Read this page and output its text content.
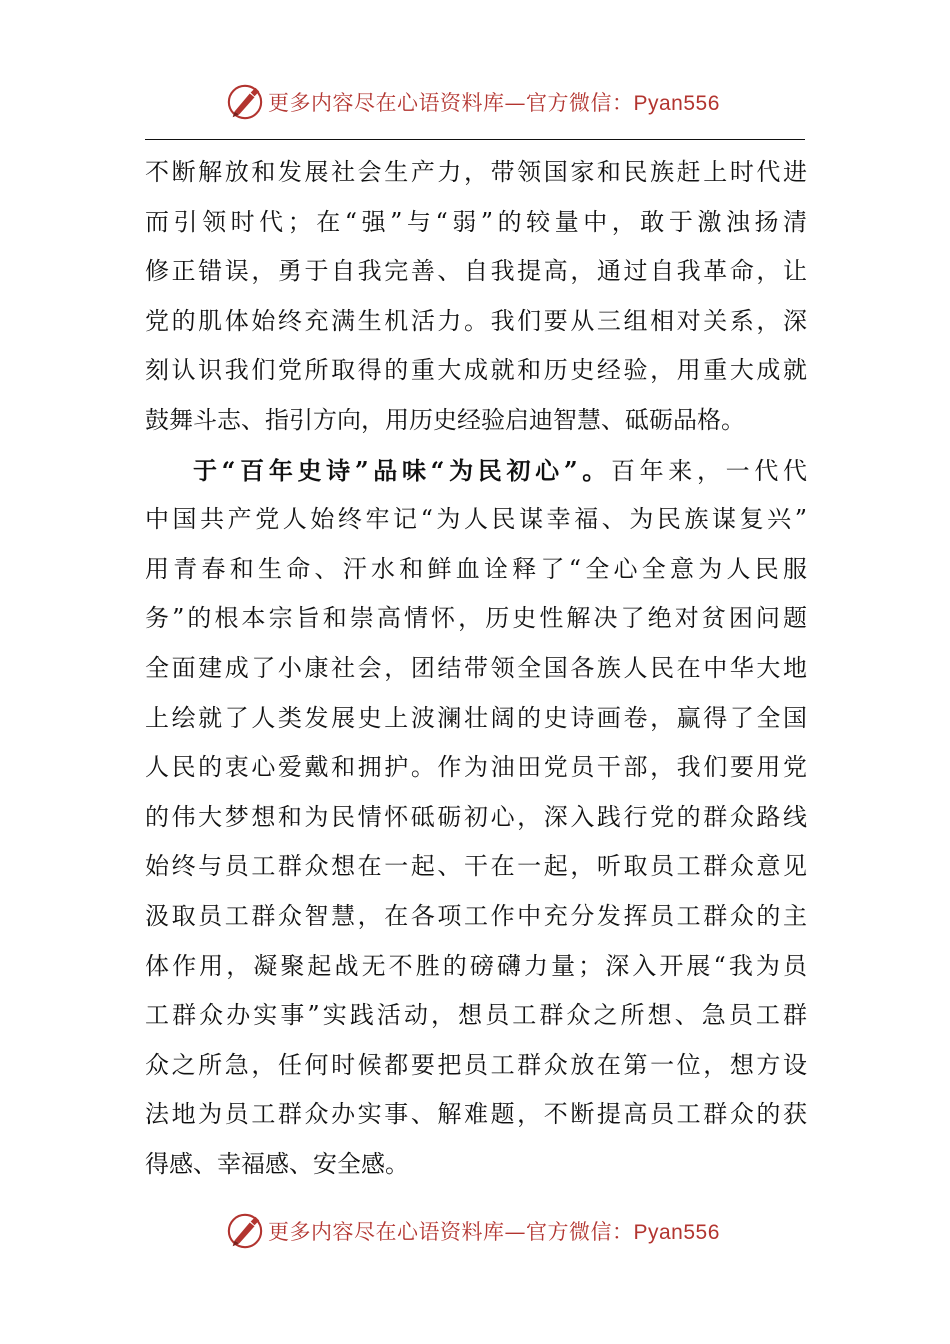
更多内容尽在心语资料库—官方微信：Pyan556
不断解放和发展社会生产力，带领国家和民族赶上时代进
而引领时代；在“强”与“弱”的较量中，敢于激浊扬清
修正错误，勇于自我完善、自我提高，通过自我革命，让
党的肌体始终充满生机活力。我们要从三组相对关系，深
刻认识我们党所取得的重大成就和历史经验，用重大成就
鼓舞斗志、指引方向，用历史经验启迪智慧、砥砺品格。
于“百年史诗”品味“为民初心”。百年来，一代代
中国共产党人始终牢记“为人民谋幸福、为民族谋复兴”
用青春和生命、汗水和鲜血诠释了“全心全意为人民服
务”的根本宗旨和崇高情怀，历史性解决了绝对贫困问题
全面建成了小康社会，团结带领全国各族人民在中华大地
上绘就了人类发展史上波澜壮阔的史诗画卷，赢得了全国
人民的衷心爱戴和拥护。作为油田党员干部，我们要用党
的伟大梦想和为民情怀砥砺初心，深入践行党的群众路线
始终与员工群众想在一起、干在一起，听取员工群众意见
汲取员工群众智慧，在各项工作中充分发挥员工群众的主
体作用，凝聚起战无不胜的磅礴力量；深入开展“我为员
工群众办实事”实践活动，想员工群众之所想、急员工群
众之所急，任何时候都要把员工群众放在第一位，想方设
法地为员工群众办实事、解难题，不断提高员工群众的获
得感、幸福感、安全感。
更多内容尽在心语资料库—官方微信：Pyan556
